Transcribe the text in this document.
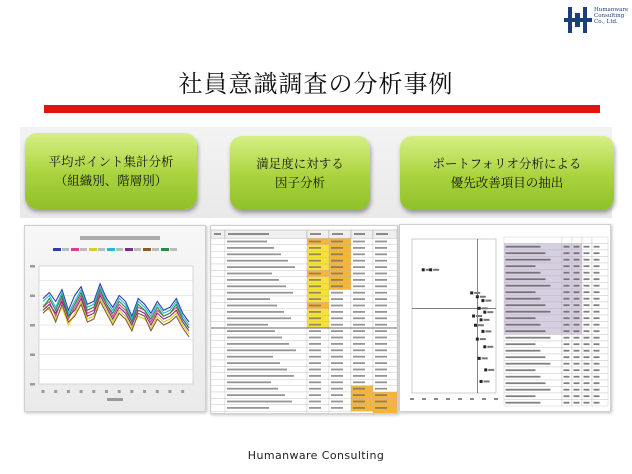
Humanware
Consulting
Co., Ltd.
社員意識調査の分析事例
平均ポイント集計分析
（組織別、階層別）
満足度に対する
因子分析
ポートフォリオ分析による
優先改善項目の抽出
Humanware Consulting
